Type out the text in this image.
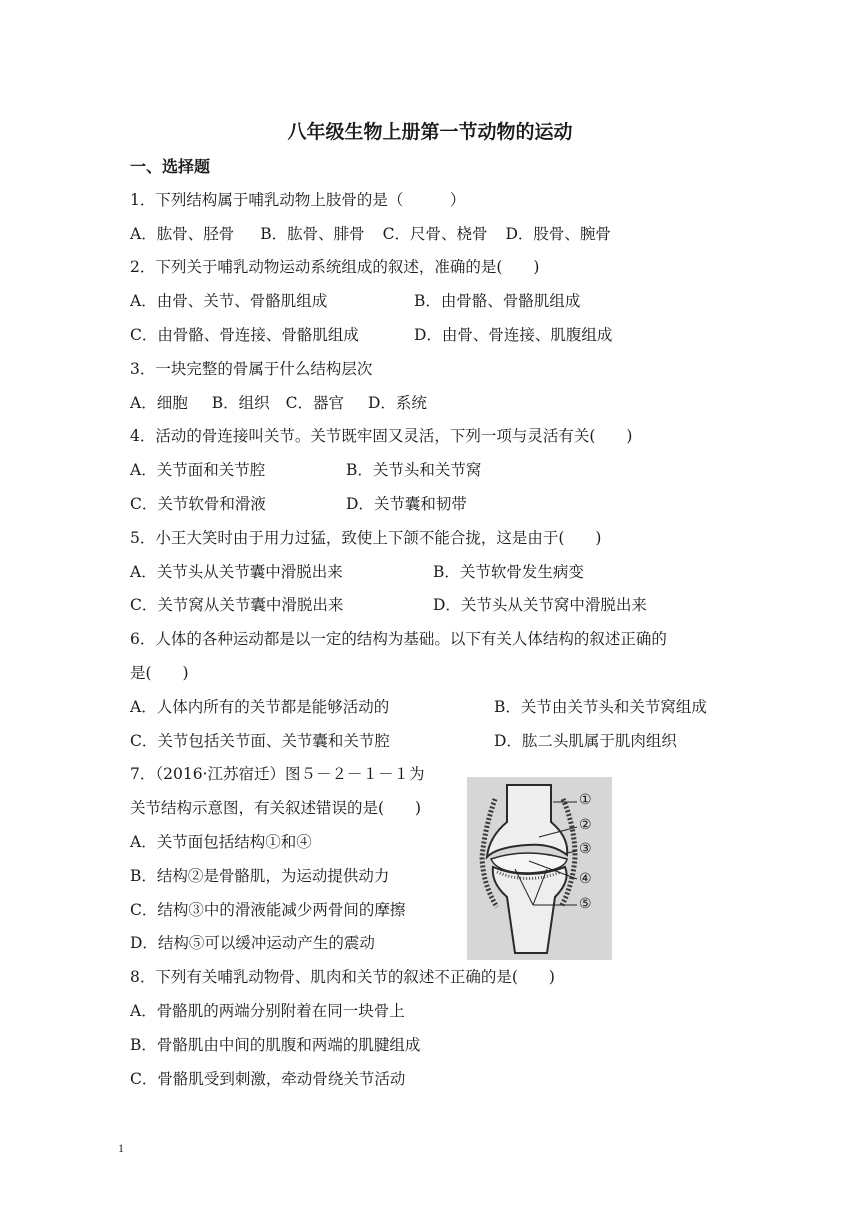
八年级生物上册第一节动物的运动
一、选择题
1．下列结构属于哺乳动物上肢骨的是（　　　）
A．肱骨、胫骨 B．肱骨、腓骨 C．尺骨、桡骨 D．股骨、腕骨
2．下列关于哺乳动物运动系统组成的叙述，准确的是(　　)
A．由骨、关节、骨骼肌组成	B．由骨骼、骨骼肌组成
C．由骨骼、骨连接、骨骼肌组成	D．由骨、骨连接、肌腹组成
3．一块完整的骨属于什么结构层次
A．细胞 B．组织 C．器官 D．系统
4．活动的骨连接叫关节。关节既牢固又灵活，下列一项与灵活有关(　　)
A．关节面和关节腔	B．关节头和关节窝
C．关节软骨和滑液	D．关节囊和韧带
5．小王大笑时由于用力过猛，致使上下颌不能合拢，这是由于(　　)
A．关节头从关节囊中滑脱出来	B．关节软骨发生病变
C．关节窝从关节囊中滑脱出来	D．关节头从关节窝中滑脱出来
6．人体的各种运动都是以一定的结构为基础。以下有关人体结构的叙述正确的
是(　　)
A．人体内所有的关节都是能够活动的	B．关节由关节头和关节窝组成
C．关节包括关节面、关节囊和关节腔	D．肱二头肌属于肌肉组织
7．（2016·江苏宿迁）图５－２－１－１为
关节结构示意图，有关叙述错误的是(　　)
A．关节面包括结构①和④
B．结构②是骨骼肌，为运动提供动力
C．结构③中的滑液能减少两骨间的摩擦
D．结构⑤可以缓冲运动产生的震动
①
②
③
④
⑤
8．下列有关哺乳动物骨、肌肉和关节的叙述不正确的是(　　)
A．骨骼肌的两端分别附着在同一块骨上
B．骨骼肌由中间的肌腹和两端的肌腱组成
C．骨骼肌受到刺激，牵动骨绕关节活动
1
